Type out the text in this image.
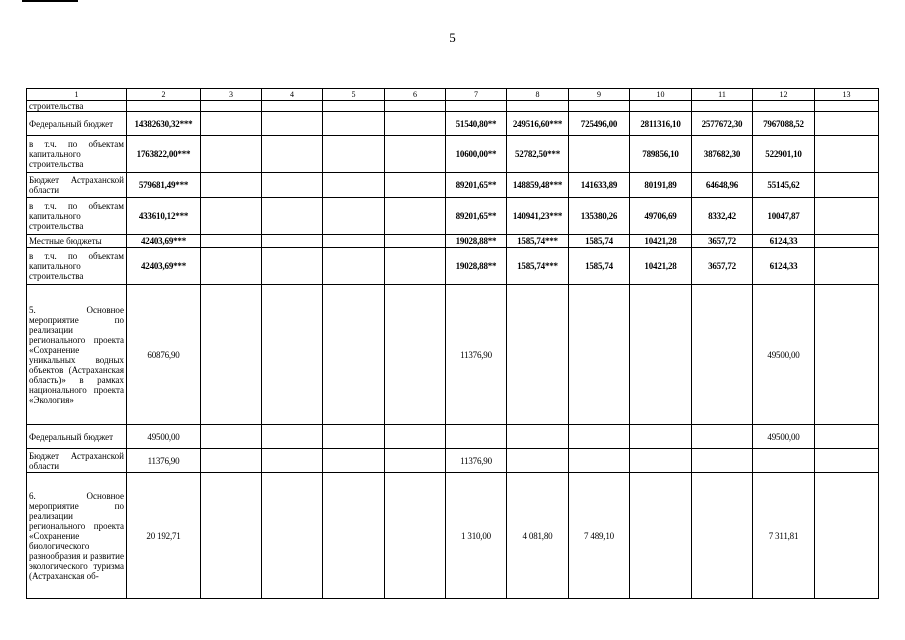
5
1	2	3	4	5	6	7	8	9	10	11	12	13
строительства												
Федеральный бюджет	14382630,32***					51540,80**	249516,60***	725496,00	2811316,10	2577672,30	7967088,52	
в т.ч. по объектам капитального строительства	1763822,00***					10600,00**	52782,50***		789856,10	387682,30	522901,10	
Бюджет Астраханской области	579681,49***					89201,65**	148859,48***	141633,89	80191,89	64648,96	55145,62	
в т.ч. по объектам капитального строительства	433610,12***					89201,65**	140941,23***	135380,26	49706,69	8332,42	10047,87	
Местные бюджеты	42403,69***					19028,88**	1585,74***	1585,74	10421,28	3657,72	6124,33	
в т.ч. по объектам капитального строительства	42403,69***					19028,88**	1585,74***	1585,74	10421,28	3657,72	6124,33	
5. Основное мероприятие по реализации регионального проекта «Сохранение уникальных водных объектов (Астраханская область)» в рамках национального проекта «Экология»	60876,90					11376,90					49500,00	
Федеральный бюджет	49500,00										49500,00	
Бюджет Астраханской области	11376,90					11376,90						
6. Основное мероприятие по реализации регионального проекта «Сохранение биологического разнообразия и развитие экологического туризма (Астраханская об-	20 192,71					1 310,00	4 081,80	7 489,10			7 311,81	
